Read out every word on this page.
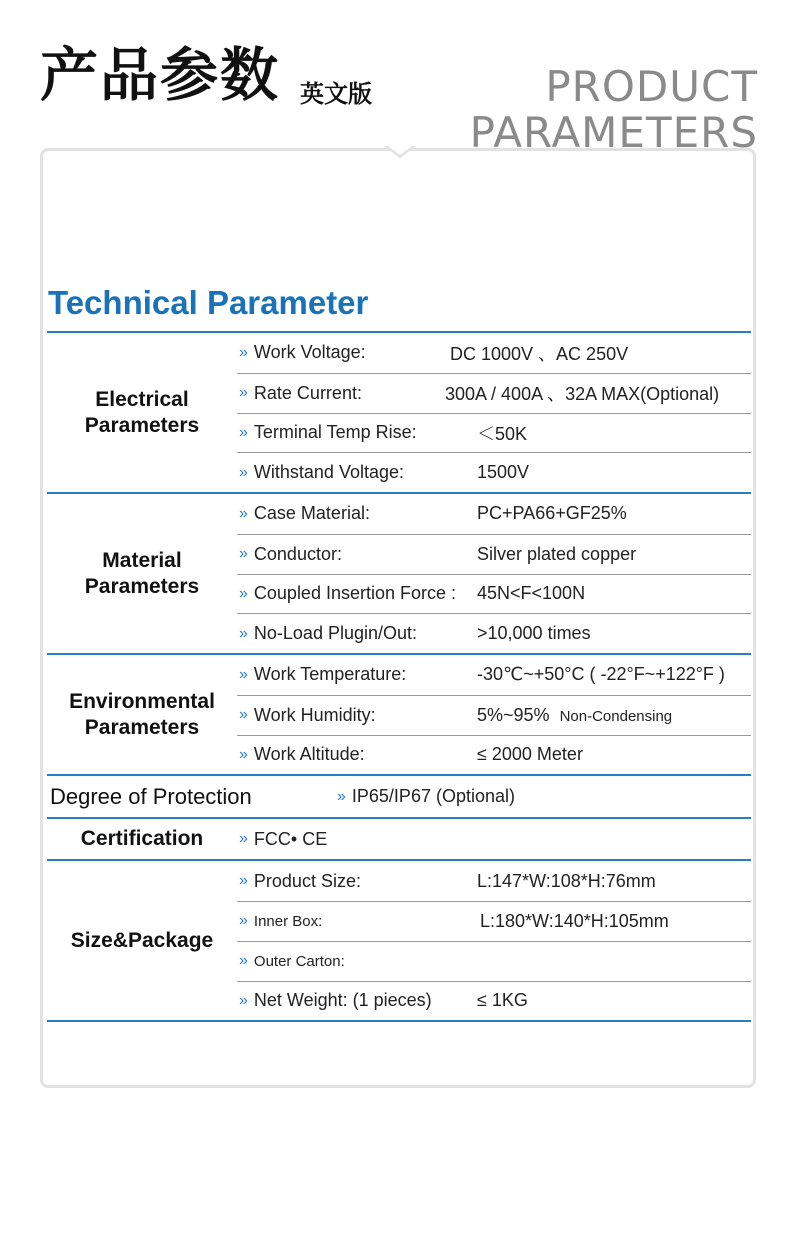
产品参数 英文版	PRODUCT
PARAMETERS
Technical Parameter
Electrical
Parameters
» Work Voltage:	DC 1000V 、AC 250V
» Rate Current:	300A / 400A 、32A MAX(Optional)
» Terminal Temp Rise:	＜50K
» Withstand Voltage:	1500V
Material
Parameters
» Case Material:	PC+PA66+GF25%
» Conductor:	Silver plated copper
» Coupled Insertion Force : 45N<F<100N
» No-Load Plugin/Out:	>10,000 times
Environmental
Parameters
» Work Temperature:	-30℃~+50°C ( -22°F~+122°F )
» Work Humidity:	5%~95% Non-Condensing
» Work Altitude:	≤ 2000 Meter
Degree of Protection	» IP65/IP67 (Optional)
Certification	» FCC• CE
Size&Package
» Product Size:	L:147*W:108*H:76mm
» Inner Box:	L:180*W:140*H:105mm
» Outer Carton:
» Net Weight: (1 pieces)	≤ 1KG
